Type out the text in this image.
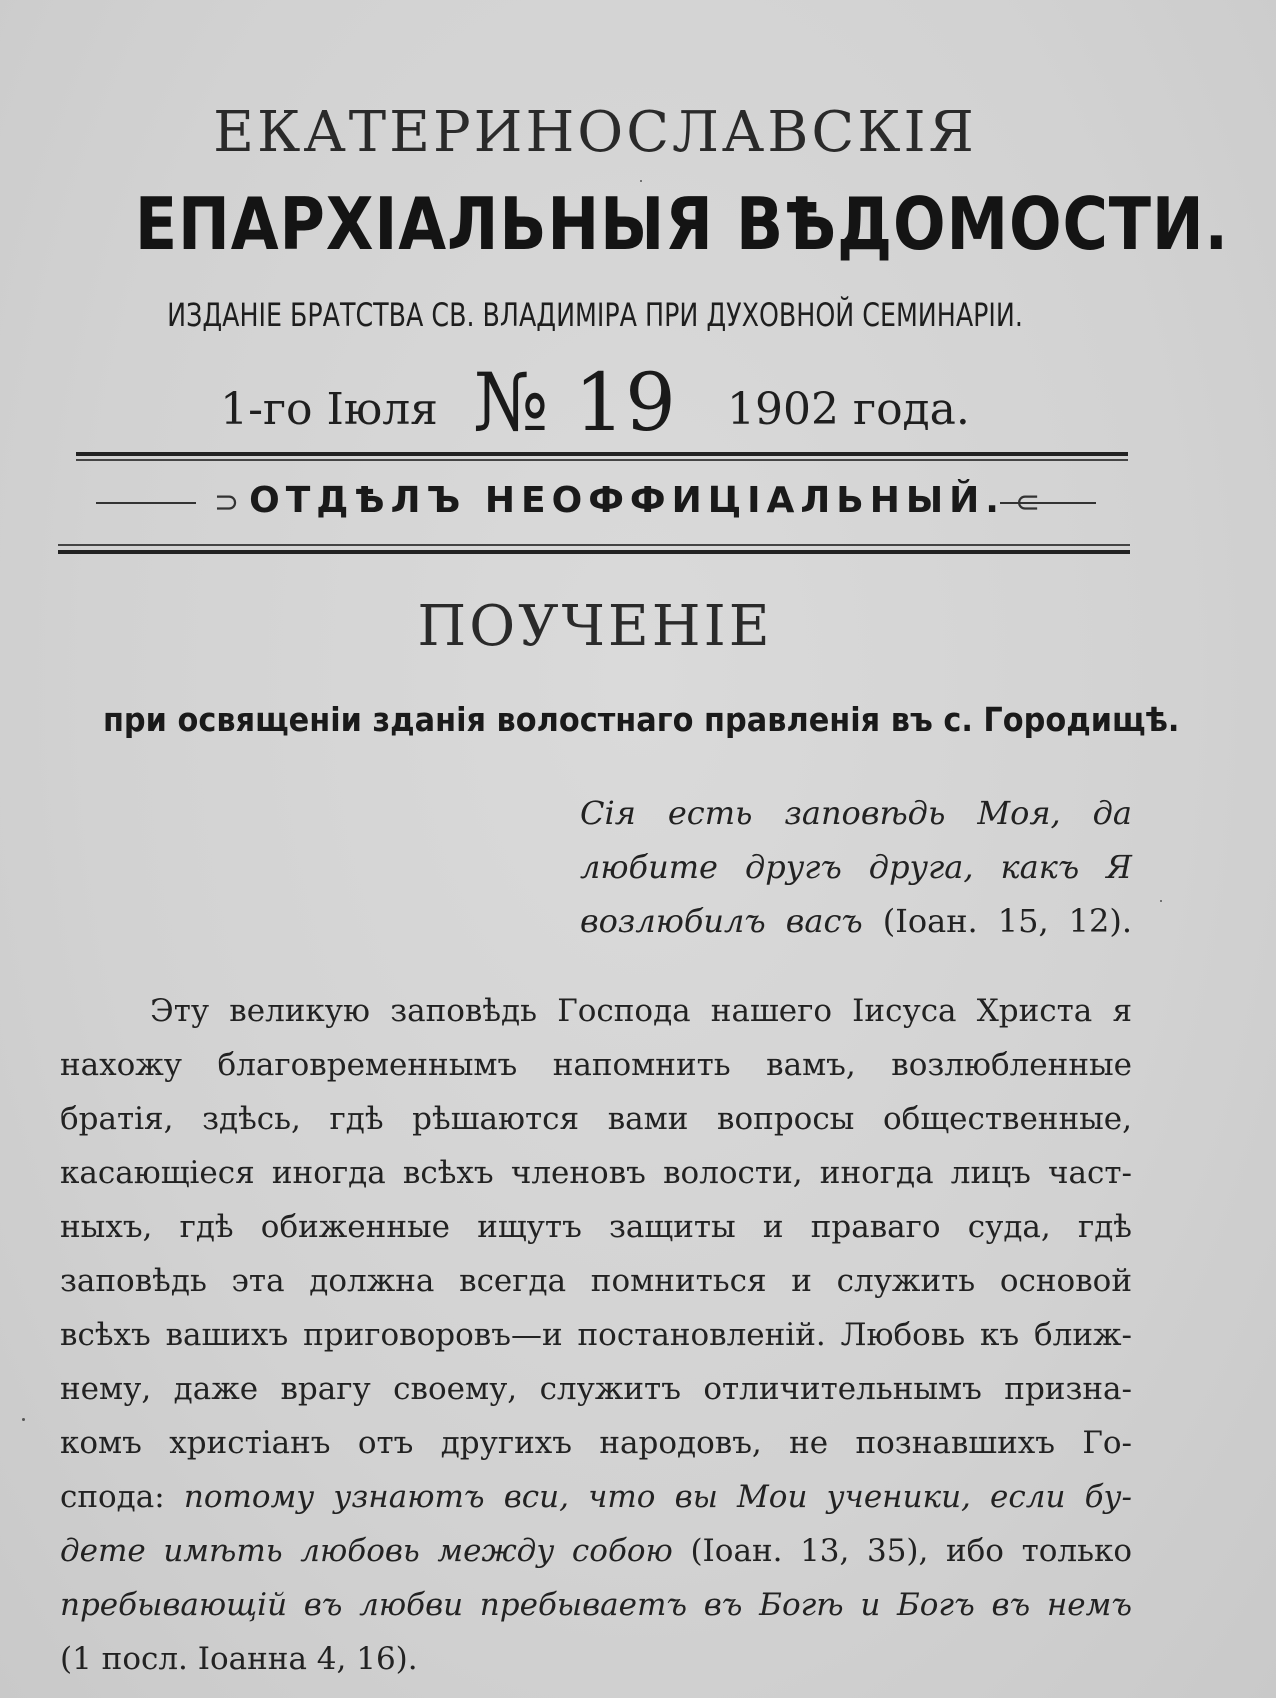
ЕКАТЕРИНОСЛАВСКІЯ
ЕПАРХІАЛЬНЫЯ ВѢДОМОСТИ.
ИЗДАНІЕ БРАТСТВА СВ. ВЛАДИМІРА ПРИ ДУХОВНОЙ СЕМИНАРІИ.
1-го Іюля № 19 1902 года.
⊃ ОТДѢЛЪ НЕОФФИЦІАЛЬНЫЙ. ⊂
ПОУЧЕНІЕ
при освященіи зданія волостнаго правленія въ с. Городищѣ.
Сія есть заповѣдь Моя, да
любите другъ друга, какъ Я
возлюбилъ васъ (Іоан. 15, 12).
Эту великую заповѣдь Господа нашего Іисуса Христа я
нахожу благовременнымъ напомнить вамъ, возлюбленные
братія, здѣсь, гдѣ рѣшаются вами вопросы общественные,
касающіеся иногда всѣхъ членовъ волости, иногда лицъ част-
ныхъ, гдѣ обиженные ищутъ защиты и праваго суда, гдѣ
заповѣдь эта должна всегда помниться и служить основой
всѣхъ вашихъ приговоровъ—и постановленій. Любовь къ ближ-
нему, даже врагу своему, служитъ отличительнымъ призна-
комъ христіанъ отъ другихъ народовъ, не познавшихъ Го-
спода: потому узнаютъ вси, что вы Мои ученики, если бу-
дете имѣть любовь между собою (Іоан. 13, 35), ибо только
пребывающій въ любви пребываетъ въ Богѣ и Богъ въ немъ
(1 посл. Іоанна 4, 16).
